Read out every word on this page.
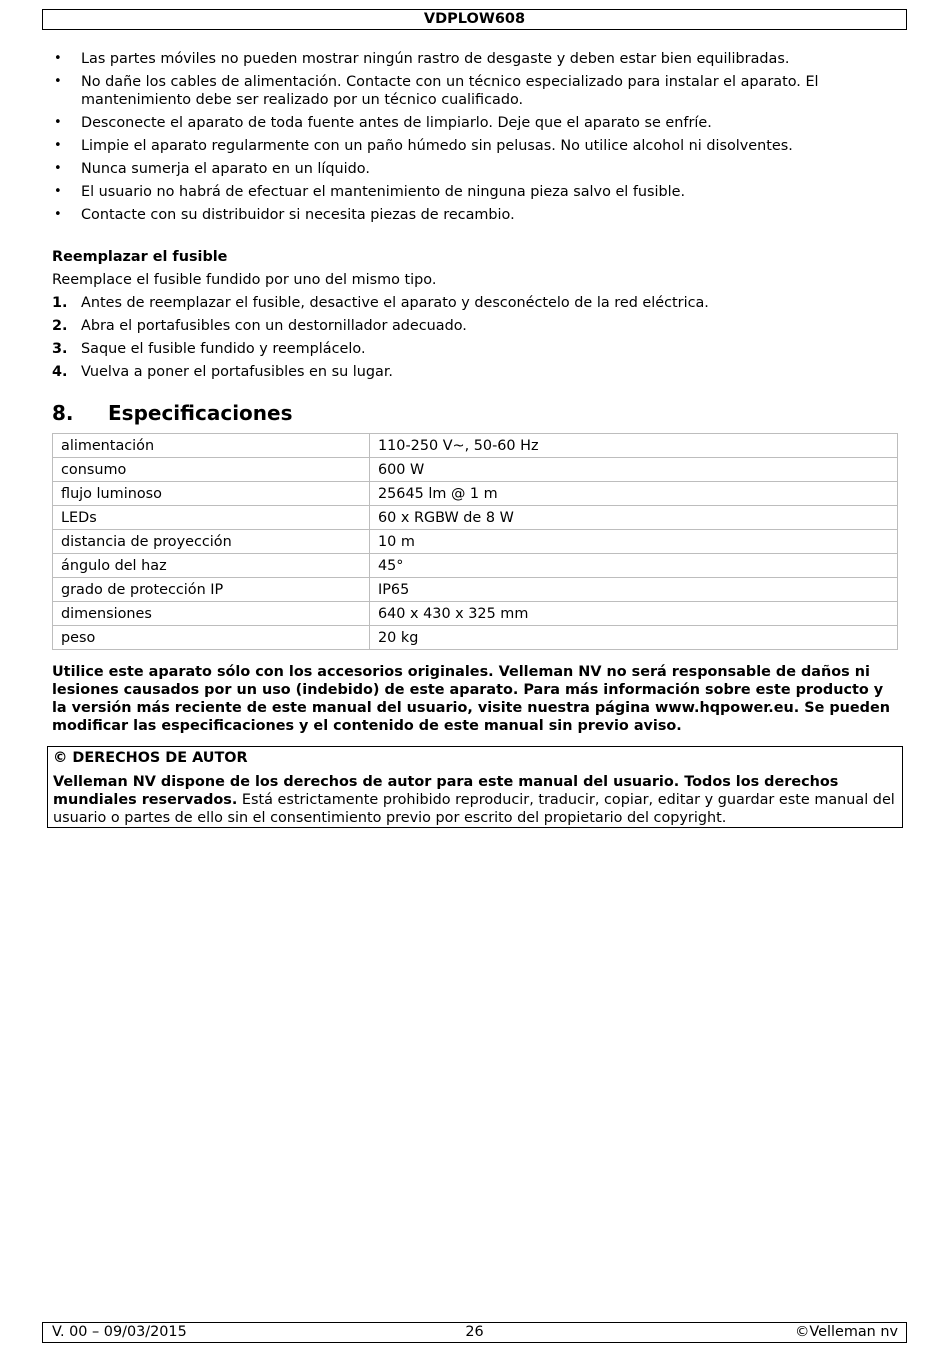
VDPLOW608
• Las partes móviles no pueden mostrar ningún rastro de desgaste y deben estar bien equilibradas.
• No dañe los cables de alimentación. Contacte con un técnico especializado para instalar el aparato. El mantenimiento debe ser realizado por un técnico cualificado.
• Desconecte el aparato de toda fuente antes de limpiarlo. Deje que el aparato se enfríe.
• Limpie el aparato regularmente con un paño húmedo sin pelusas. No utilice alcohol ni disolventes.
• Nunca sumerja el aparato en un líquido.
• El usuario no habrá de efectuar el mantenimiento de ninguna pieza salvo el fusible.
• Contacte con su distribuidor si necesita piezas de recambio.
Reemplazar el fusible
Reemplace el fusible fundido por uno del mismo tipo.
1. Antes de reemplazar el fusible, desactive el aparato y desconéctelo de la red eléctrica.
2. Abra el portafusibles con un destornillador adecuado.
3. Saque el fusible fundido y reemplácelo.
4. Vuelva a poner el portafusibles en su lugar.
8. Especificaciones
alimentación	110-250 V~, 50-60 Hz
consumo	600 W
flujo luminoso	25645 lm @ 1 m
LEDs	60 x RGBW de 8 W
distancia de proyección	10 m
ángulo del haz	45°
grado de protección IP	IP65
dimensiones	640 x 430 x 325 mm
peso	20 kg
Utilice este aparato sólo con los accesorios originales. Velleman NV no será responsable de daños ni lesiones causados por un uso (indebido) de este aparato. Para más información sobre este producto y la versión más reciente de este manual del usuario, visite nuestra página www.hqpower.eu. Se pueden modificar las especificaciones y el contenido de este manual sin previo aviso.
© DERECHOS DE AUTOR
Velleman NV dispone de los derechos de autor para este manual del usuario. Todos los derechos mundiales reservados. Está estrictamente prohibido reproducir, traducir, copiar, editar y guardar este manual del usuario o partes de ello sin el consentimiento previo por escrito del propietario del copyright.
V. 00 – 09/03/2015	26	©Velleman nv
